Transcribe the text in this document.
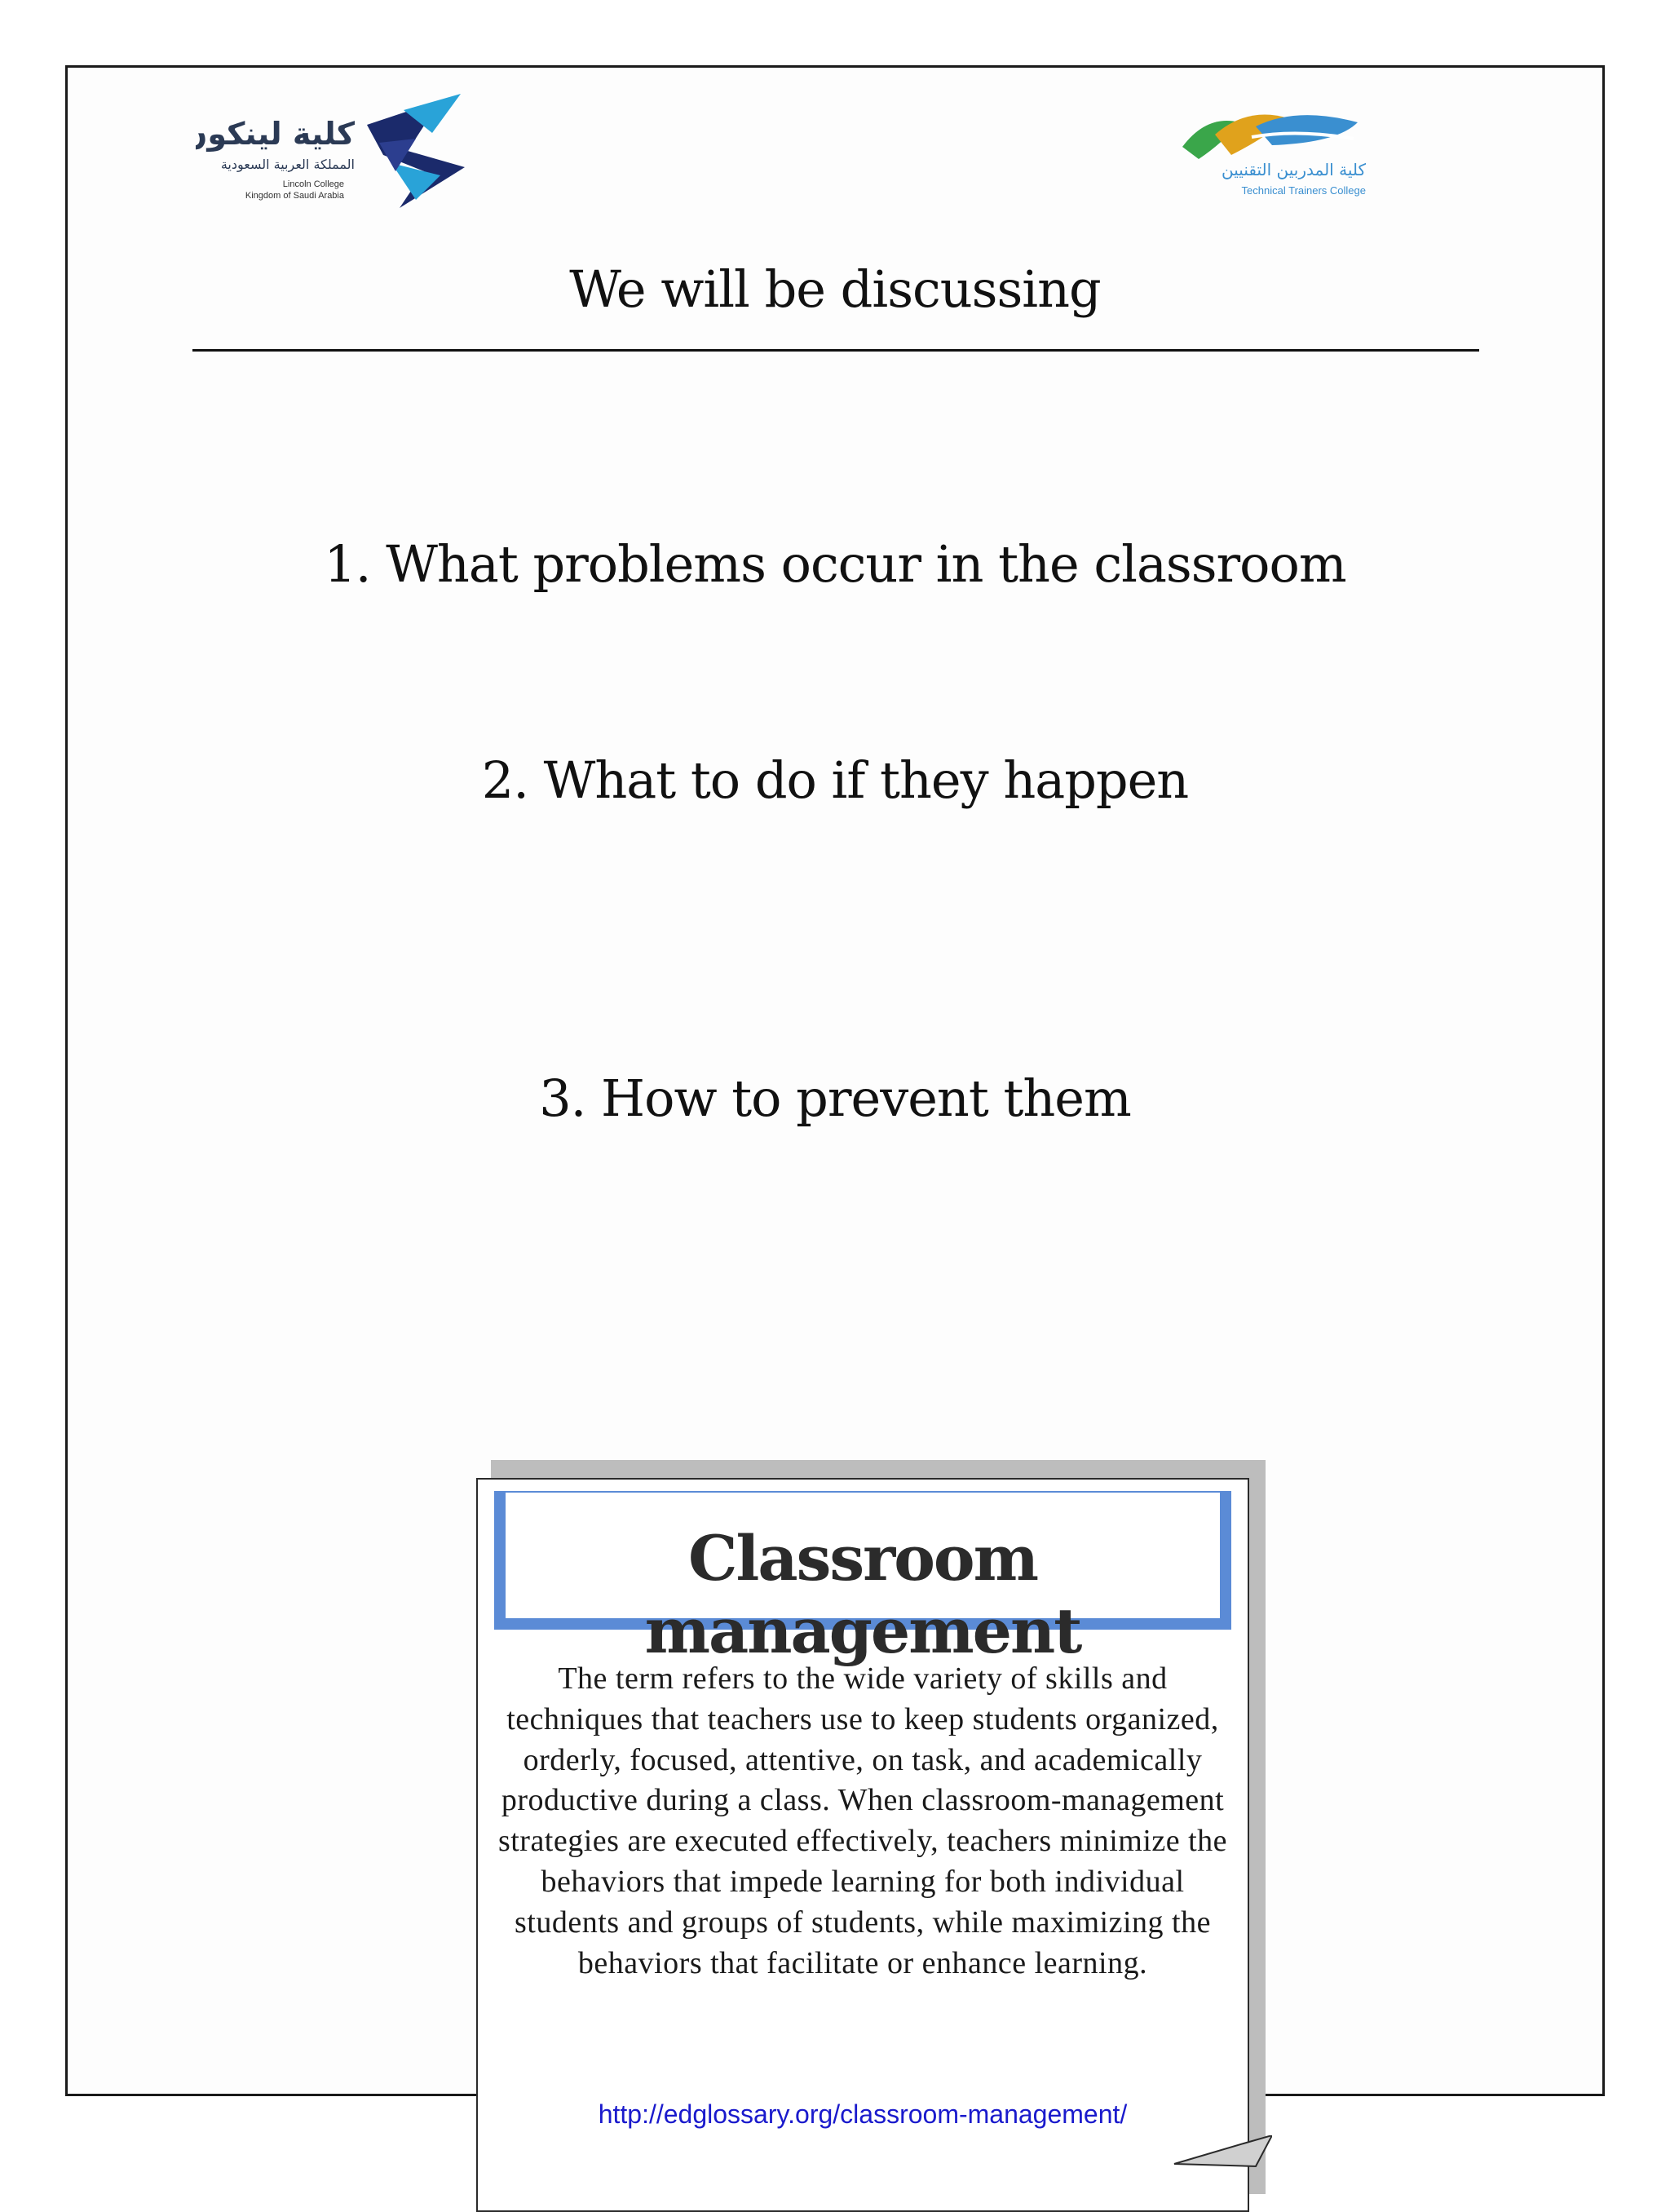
كلية لينكون
المملكة العربية السعودية
Lincoln College
Kingdom of Saudi Arabia
كلية المدربين التقنيين
Technical Trainers College
We will be discussing
1. What problems occur in the classroom
2. What to do if they happen
3. How to prevent them
Classroom management
The term refers to the wide variety of skills and techniques that teachers use to keep students organized, orderly, focused, attentive, on task, and academically productive during a class. When classroom-management strategies are executed effectively, teachers minimize the behaviors that impede learning for both individual students and groups of students, while maximizing the behaviors that facilitate or enhance learning.
http://edglossary.org/classroom-management/
